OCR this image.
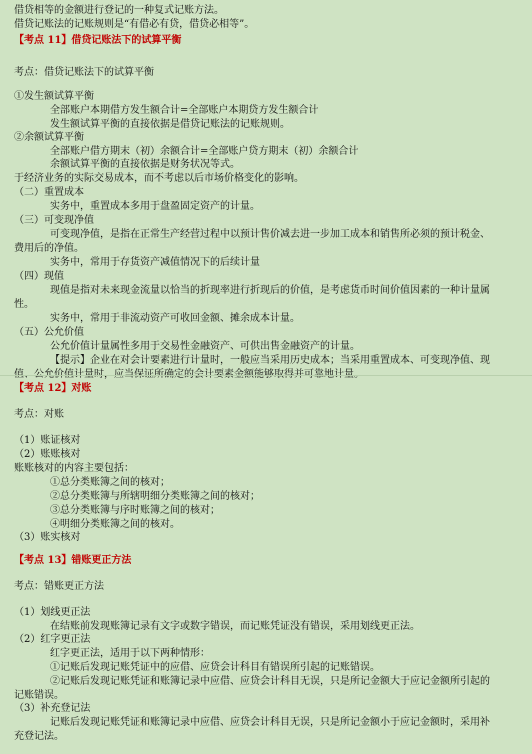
借贷相等的金额进行登记的一种复式记账方法。
借贷记账法的记账规则是“有借必有贷，借贷必相等”。
【考点 11】借贷记账法下的试算平衡
考点：借贷记账法下的试算平衡
①发生额试算平衡
全部账户本期借方发生额合计=全部账户本期贷方发生额合计
发生额试算平衡的直接依据是借贷记账法的记账规则。
②余额试算平衡
全部账户借方期末（初）余额合计=全部账户贷方期末（初）余额合计
余额试算平衡的直接依据是财务状况等式。
于经济业务的实际交易成本，而不考虑以后市场价格变化的影响。
（二）重置成本
实务中，重置成本多用于盘盈固定资产的计量。
（三）可变现净值
可变现净值，是指在正常生产经营过程中以预计售价减去进一步加工成本和销售所必须的预计税金、
费用后的净值。
实务中，常用于存货资产减值情况下的后续计量
（四）现值
现值是指对未来现金流量以恰当的折现率进行折现后的价值，是考虑货币时间价值因素的一种计量属
性。
实务中，常用于非流动资产可收回金额、摊余成本计量。
（五）公允价值
公允价值计量属性多用于交易性金融资产、可供出售金融资产的计量。
【提示】企业在对会计要素进行计量时，一般应当采用历史成本；当采用重置成本、可变现净值、现
【考点 12】对账
考点：对账
（1）账证核对
（2）账账核对
账账核对的内容主要包括：
①总分类账簿之间的核对；
②总分类账簿与所辖明细分类账簿之间的核对；
③总分类账簿与序时账簿之间的核对；
④明细分类账簿之间的核对。
（3）账实核对
【考点 13】错账更正方法
考点：错账更正方法
（1）划线更正法
在结账前发现账簿记录有文字或数字错误，而记账凭证没有错误，采用划线更正法。
（2）红字更正法
红字更正法，适用于以下两种情形：
①记账后发现记账凭证中的应借、应贷会计科目有错误所引起的记账错误。
②记账后发现记账凭证和账簿记录中应借、应贷会计科目无误，只是所记金额大于应记金额所引起的
记账错误。
（3）补充登记法
记账后发现记账凭证和账簿记录中应借、应贷会计科目无误，只是所记金额小于应记金额时，采用补
充登记法。
